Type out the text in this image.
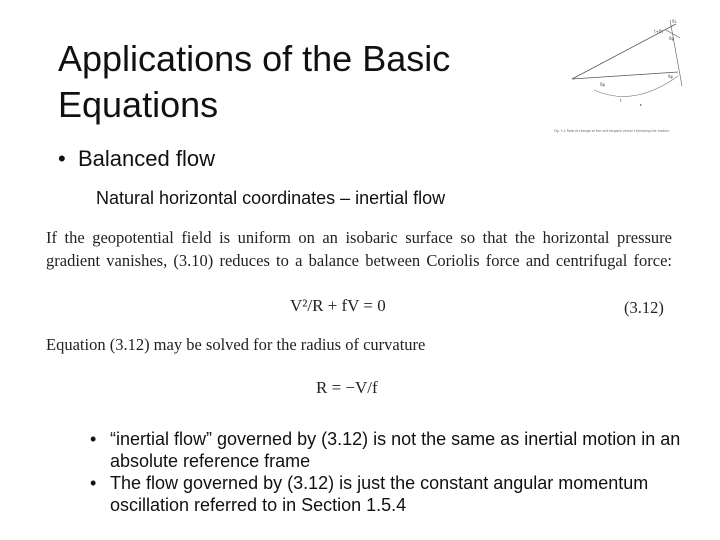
Applications of the Basic Equations
δs
t+δt
δψ
δψ
δψ
t
▸
Fig. 3.1 Rate of change of the unit tangent vector t following the motion.
• Balanced flow
Natural horizontal coordinates – inertial flow
If the geopotential field is uniform on an isobaric surface so that the horizontal pressure gradient vanishes, (3.10) reduces to a balance between Coriolis force and centrifugal force:
V²/R + fV = 0	(3.12)
Equation (3.12) may be solved for the radius of curvature
R = −V/f
• “inertial flow” governed by (3.12) is not the same as inertial motion in an absolute reference frame
• The flow governed by (3.12) is just the constant angular momentum oscillation referred to in Section 1.5.4
